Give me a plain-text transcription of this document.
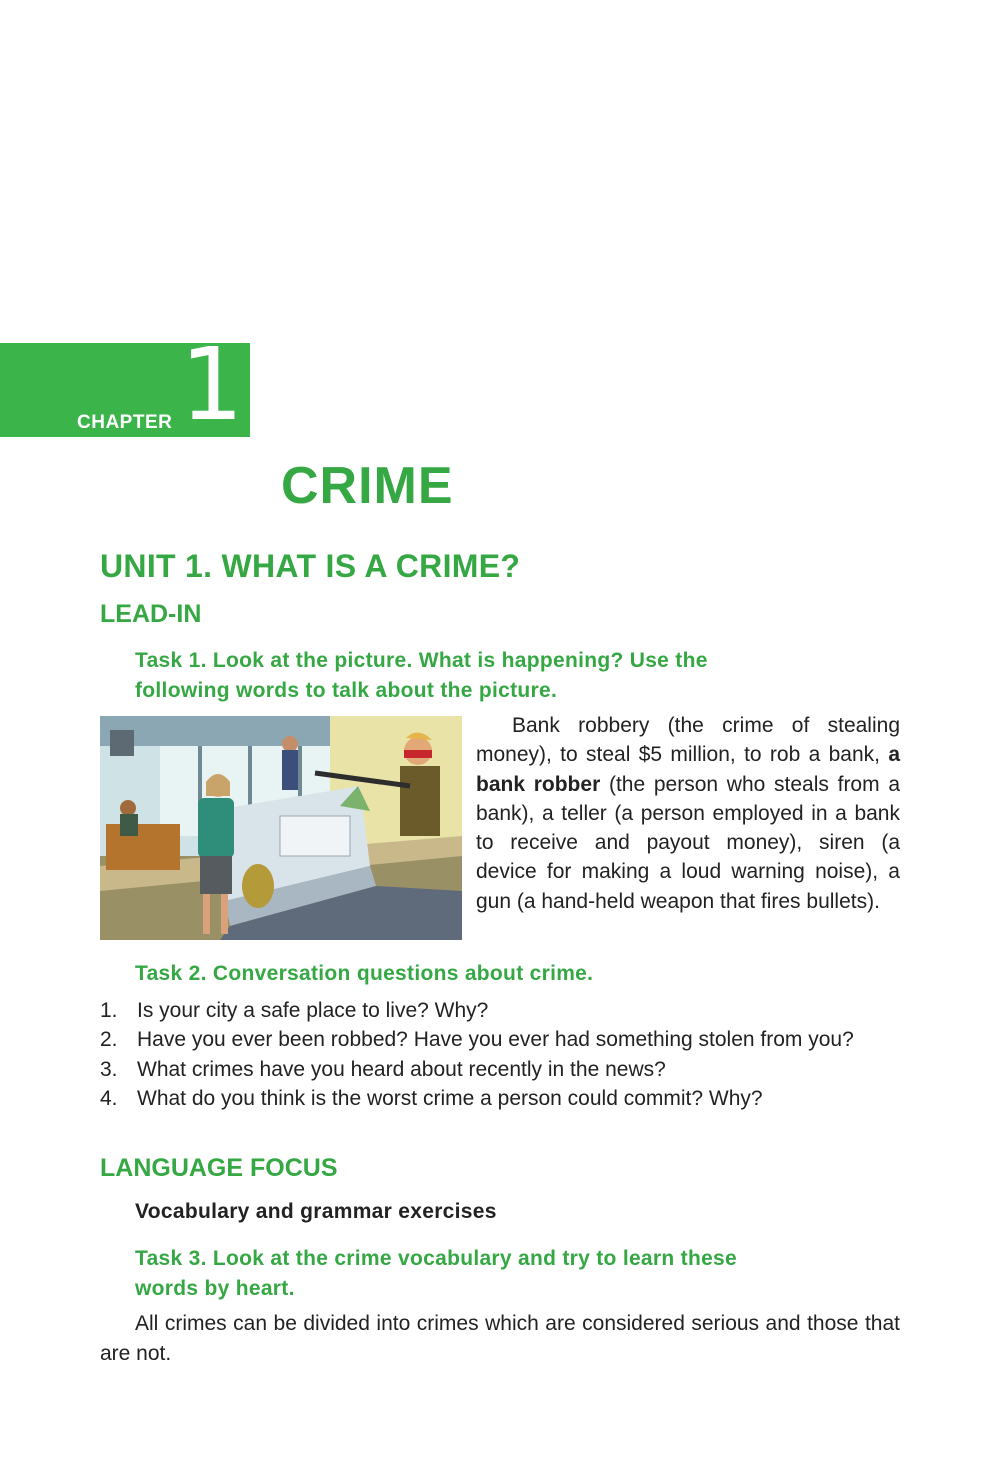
CHAPTER 1
CRIME
UNIT 1. WHAT IS A CRIME?
LEAD-IN
Task 1. Look at the picture. What is happening? Use the
following words to talk about the picture.
Bank robbery (the crime of stealing money), to steal $5 million, to rob a bank, a bank robber (the person who steals from a bank), a teller (a person employed in a bank to receive and payout money), siren (a device for making a loud warning noise), a gun (a hand-held weapon that fires bullets).
Task 2. Conversation questions about crime.
1. Is your city a safe place to live? Why?
2. Have you ever been robbed? Have you ever had something stolen from you?
3. What crimes have you heard about recently in the news?
4. What do you think is the worst crime a person could commit? Why?
LANGUAGE FOCUS
Vocabulary and grammar exercises
Task 3. Look at the crime vocabulary and try to learn these
words by heart.
All crimes can be divided into crimes which are considered serious and those that are not.
